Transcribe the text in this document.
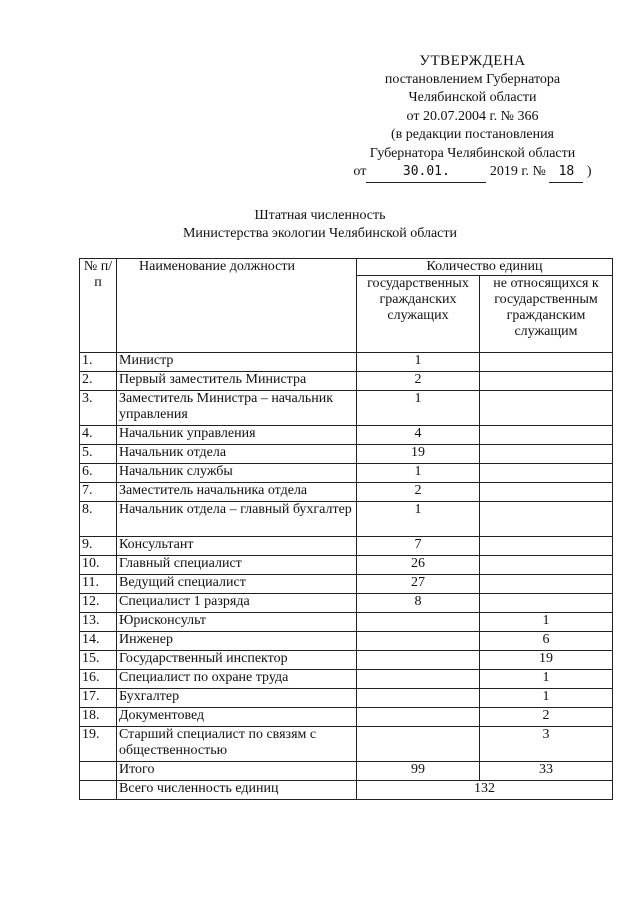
УТВЕРЖДЕНА
постановлением Губернатора
Челябинской области
от 20.07.2004 г. № 366
(в редакции постановления
Губернатора Челябинской области
от	30.01.	2019 г. № 18 )
Штатная численность
Министерства экологии Челябинской области
№ п/п	Наименование должности	Количество единиц	
		государственных гражданских служащих	не относящихся к государственным гражданским служащим
1.	Министр	1	
2.	Первый заместитель Министра	2	
3.	Заместитель Министра – начальник управления	1	
4.	Начальник управления	4	
5.	Начальник отдела	19	
6.	Начальник службы	1	
7.	Заместитель начальника отдела	2	
8.	Начальник отдела – главный бухгалтер	1	
9.	Консультант	7	
10.	Главный специалист	26	
11.	Ведущий специалист	27	
12.	Специалист 1 разряда	8	
13.	Юрисконсульт		1
14.	Инженер		6
15.	Государственный инспектор		19
16.	Специалист по охране труда		1
17.	Бухгалтер		1
18.	Документовед		2
19.	Старший специалист по связям с общественностью		3
	Итого	99	33
	Всего численность единиц	132	
